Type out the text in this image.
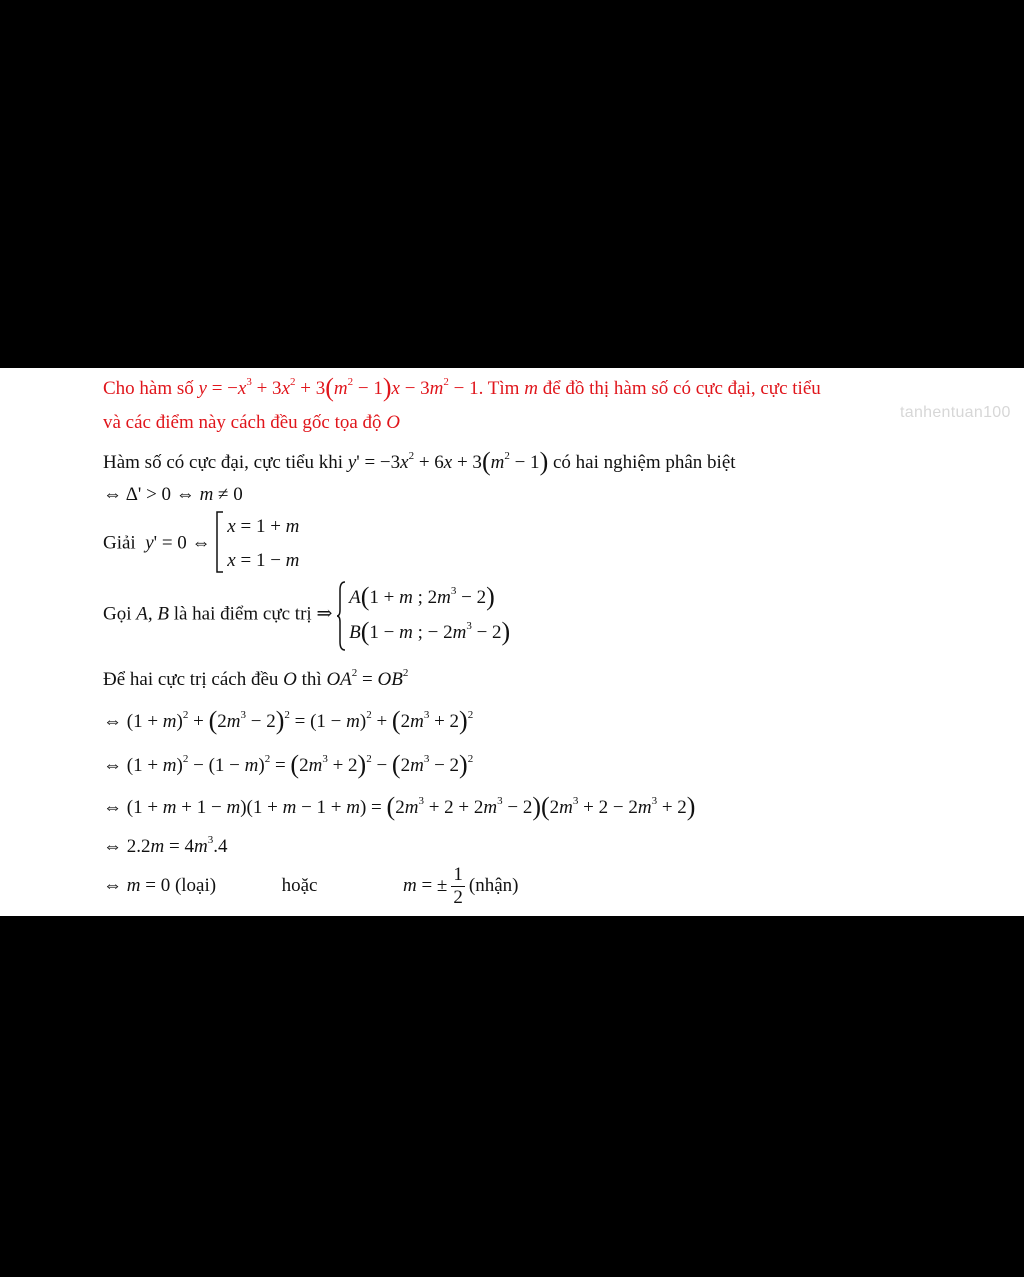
tanhentuan100
Cho hàm số $y = -x^3 + 3x^2 + 3(m^2 - 1)x - 3m^2 - 1$. Tìm m để đồ thị hàm số có cực đại, cực tiểu
và các điểm này cách đều gốc tọa độ O
Hàm số có cực đại, cực tiểu khi $y' = -3x^2 + 6x + 3(m^2 - 1)$ có hai nghiệm phân biệt
⇔ Δ' > 0 ⇔ m ≠ 0
Giải y' = 0 ⇔
x = 1 + m
x = 1 − m
Gọi A, B là hai điểm cực trị ⇒
A(1 + m ; $2m^3 - 2$)
B(1 − m ; − $2m^3 - 2$)
Để hai cực trị cách đều O thì $OA^2 = OB^2$
⇔ $(1 + m)^2 + (2m^3 - 2)^2 = (1 - m)^2 + (2m^3 + 2)^2$
⇔ $(1 + m)^2 - (1 - m)^2 = (2m^3 + 2)^2 - (2m^3 - 2)^2$
⇔ $(1 + m + 1 - m)(1 + m - 1 + m) = (2m^3 + 2 + 2m^3 - 2)(2m^3 + 2 - 2m^3 + 2)$
⇔ $2.2m = 4m^3.4$
⇔ m = 0 (loại)	hoặc	m = ± $\frac{1}{2}$ (nhận)
